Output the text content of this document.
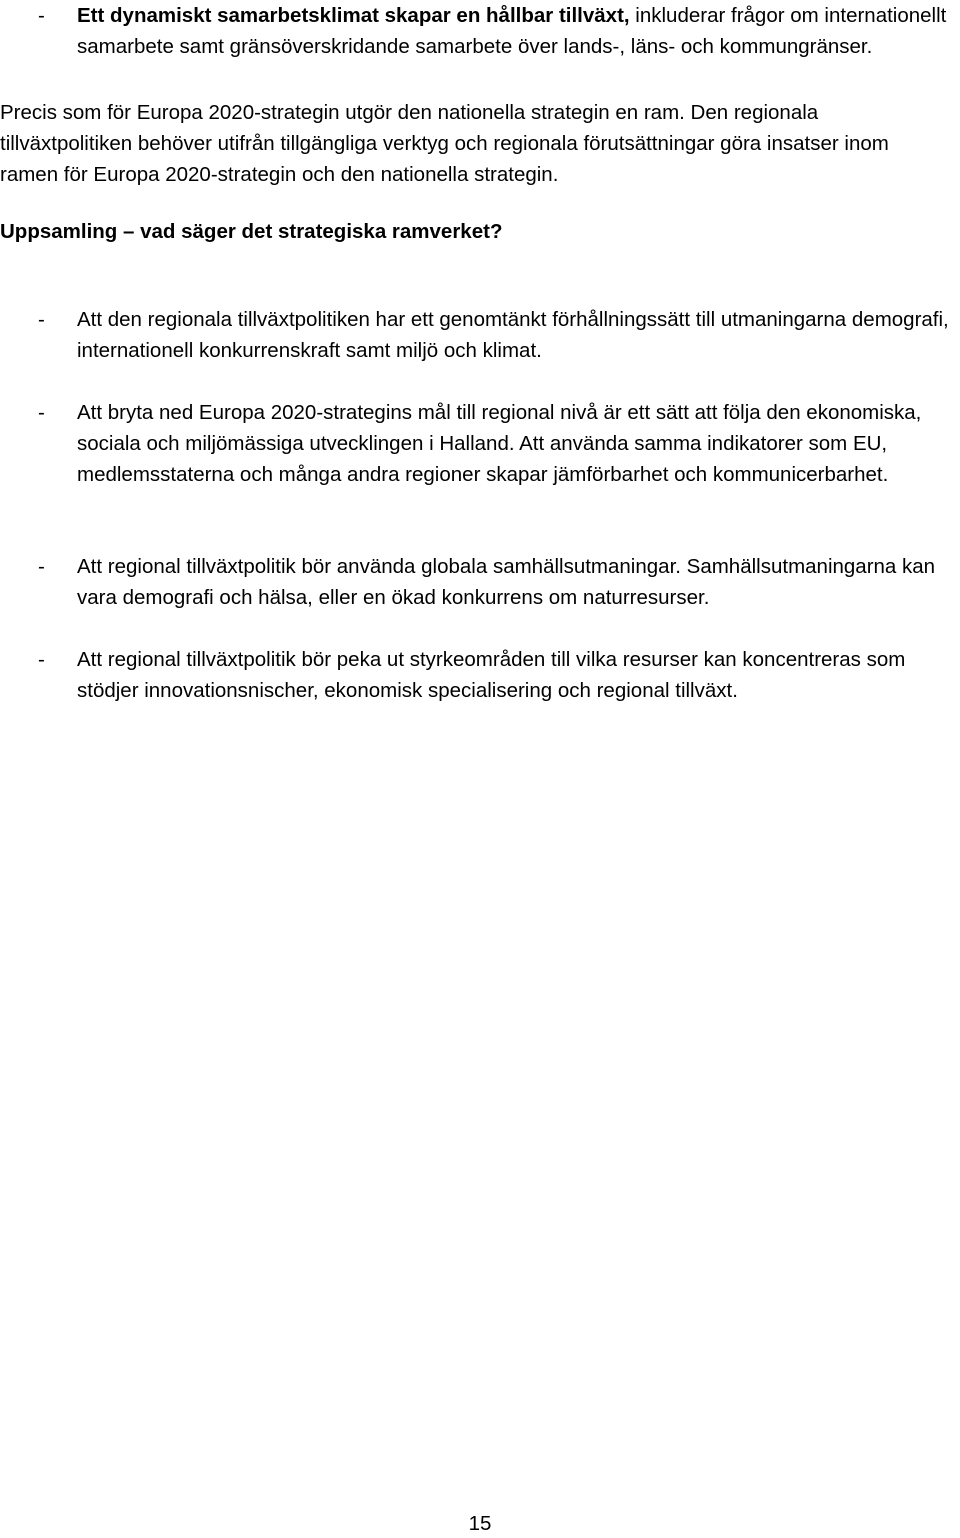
-	Ett dynamiskt samarbetsklimat skapar en hållbar tillväxt, inkluderar frågor om internationellt samarbete samt gränsöverskridande samarbete över lands-, läns- och kommungränser.

Precis som för Europa 2020-strategin utgör den nationella strategin en ram. Den regionala tillväxtpolitiken behöver utifrån tillgängliga verktyg och regionala förutsättningar göra insatser inom ramen för Europa 2020-strategin och den nationella strategin.

Uppsamling – vad säger det strategiska ramverket?

-	Att den regionala tillväxtpolitiken har ett genomtänkt förhållningssätt till utmaningarna demografi, internationell konkurrenskraft samt miljö och klimat.
-	Att bryta ned Europa 2020-strategins mål till regional nivå är ett sätt att följa den ekonomiska, sociala och miljömässiga utvecklingen i Halland. Att använda samma indikatorer som EU, medlemsstaterna och många andra regioner skapar jämförbarhet och kommunicerbarhet.
-	Att regional tillväxtpolitik bör använda globala samhällsutmaningar. Samhällsutmaningarna kan vara demografi och hälsa, eller en ökad konkurrens om naturresurser.
-	Att regional tillväxtpolitik bör peka ut styrkeområden till vilka resurser kan koncentreras som stödjer innovationsnischer, ekonomisk specialisering och regional tillväxt.
15
